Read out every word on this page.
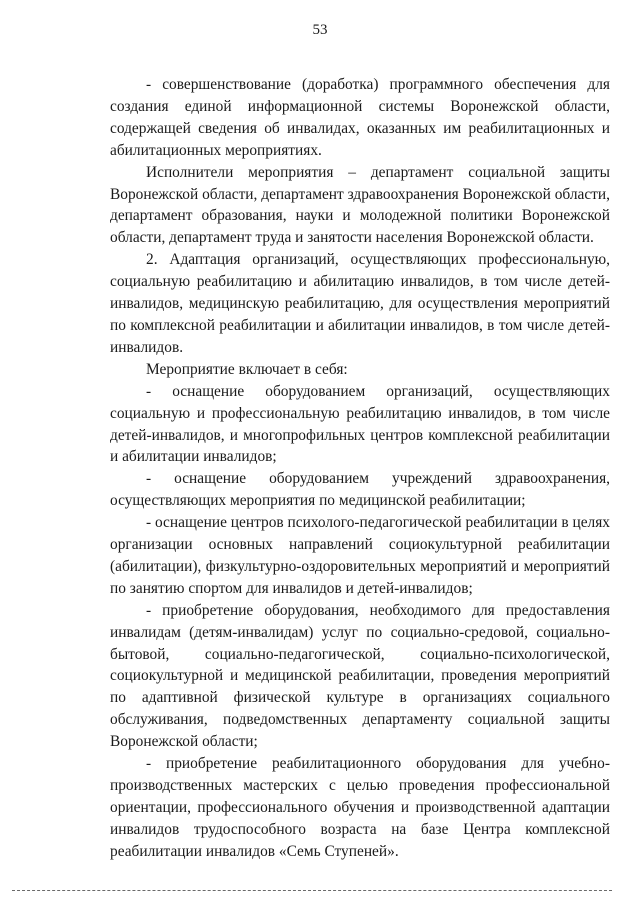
53

- совершенствование (доработка) программного обеспечения для создания единой информационной системы Воронежской области, содержащей сведения об инвалидах, оказанных им реабилитационных и абилитационных мероприятиях.

Исполнители мероприятия – департамент социальной защиты Воронежской области, департамент здравоохранения Воронежской области, департамент образования, науки и молодежной политики Воронежской области, департамент труда и занятости населения Воронежской области.

2. Адаптация организаций, осуществляющих профессиональную, социальную реабилитацию и абилитацию инвалидов, в том числе детей-инвалидов, медицинскую реабилитацию, для осуществления мероприятий по комплексной реабилитации и абилитации инвалидов, в том числе детей-инвалидов.

Мероприятие включает в себя:

- оснащение оборудованием организаций, осуществляющих социальную и профессиональную реабилитацию инвалидов, в том числе детей-инвалидов, и многопрофильных центров комплексной реабилитации и абилитации инвалидов;

- оснащение оборудованием учреждений здравоохранения, осуществляющих мероприятия по медицинской реабилитации;

- оснащение центров психолого-педагогической реабилитации в целях организации основных направлений социокультурной реабилитации (абилитации), физкультурно-оздоровительных мероприятий и мероприятий по занятию спортом для инвалидов и детей-инвалидов;

- приобретение оборудования, необходимого для предоставления инвалидам (детям-инвалидам) услуг по социально-средовой, социально-бытовой, социально-педагогической, социально-психологической, социокультурной и медицинской реабилитации, проведения мероприятий по адаптивной физической культуре в организациях социального обслуживания, подведомственных департаменту социальной защиты Воронежской области;

- приобретение реабилитационного оборудования для учебно-производственных мастерских с целью проведения профессиональной ориентации, профессионального обучения и производственной адаптации инвалидов трудоспособного возраста на базе Центра комплексной реабилитации инвалидов «Семь Ступеней».
